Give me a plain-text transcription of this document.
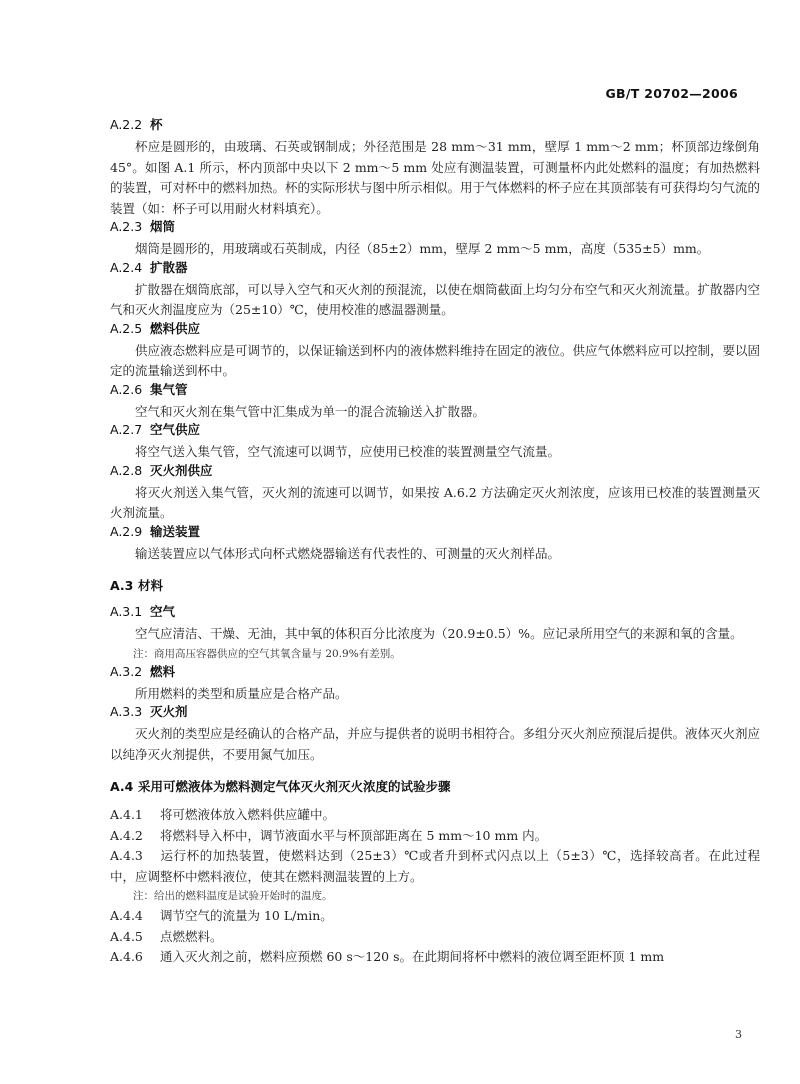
GB/T 20702—2006
A.2.2 杯

杯应是圆形的，由玻璃、石英或钢制成；外径范围是 28 mm～31 mm，壁厚 1 mm～2 mm；杯顶部边缘倒角 45°。如图 A.1 所示，杯内顶部中央以下 2 mm～5 mm 处应有测温装置，可测量杯内此处燃料的温度；有加热燃料的装置，可对杯中的燃料加热。杯的实际形状与图中所示相似。用于气体燃料的杯子应在其顶部装有可获得均匀气流的装置（如：杯子可以用耐火材料填充）。

A.2.3 烟筒

烟筒是圆形的，用玻璃或石英制成，内径（85±2）mm，壁厚 2 mm～5 mm，高度（535±5）mm。

A.2.4 扩散器

扩散器在烟筒底部，可以导入空气和灭火剂的预混流，以使在烟筒截面上均匀分布空气和灭火剂流量。扩散器内空气和灭火剂温度应为（25±10）℃，使用校准的感温器测量。

A.2.5 燃料供应

供应液态燃料应是可调节的，以保证输送到杯内的液体燃料维持在固定的液位。供应气体燃料应可以控制，要以固定的流量输送到杯中。

A.2.6 集气管

空气和灭火剂在集气管中汇集成为单一的混合流输送入扩散器。

A.2.7 空气供应

将空气送入集气管，空气流速可以调节，应使用已校准的装置测量空气流量。

A.2.8 灭火剂供应

将灭火剂送入集气管，灭火剂的流速可以调节，如果按 A.6.2 方法确定灭火剂浓度，应该用已校准的装置测量灭火剂流量。

A.2.9 输送装置

输送装置应以气体形式向杯式燃烧器输送有代表性的、可测量的灭火剂样品。

A.3 材料
A.3.1 空气

空气应清洁、干燥、无油，其中氧的体积百分比浓度为（20.9±0.5）%。应记录所用空气的来源和氧的含量。

注：商用高压容器供应的空气其氧含量与 20.9%有差别。

A.3.2 燃料

所用燃料的类型和质量应是合格产品。

A.3.3 灭火剂

灭火剂的类型应是经确认的合格产品，并应与提供者的说明书相符合。多组分灭火剂应预混后提供。液体灭火剂应以纯净灭火剂提供，不要用氮气加压。

A.4 采用可燃液体为燃料测定气体灭火剂灭火浓度的试验步骤

A.4.1 将可燃液体放入燃料供应罐中。

A.4.2 将燃料导入杯中，调节液面水平与杯顶部距离在 5 mm～10 mm 内。

A.4.3 运行杯的加热装置，使燃料达到（25±3）℃或者升到杯式闪点以上（5±3）℃，选择较高者。在此过程中，应调整杯中燃料液位，使其在燃料测温装置的上方。

注：给出的燃料温度是试验开始时的温度。

A.4.4 调节空气的流量为 10 L/min。

A.4.5 点燃燃料。

A.4.6 通入灭火剂之前，燃料应预燃 60 s～120 s。在此期间将杯中燃料的液位调至距杯顶 1 mm

3
